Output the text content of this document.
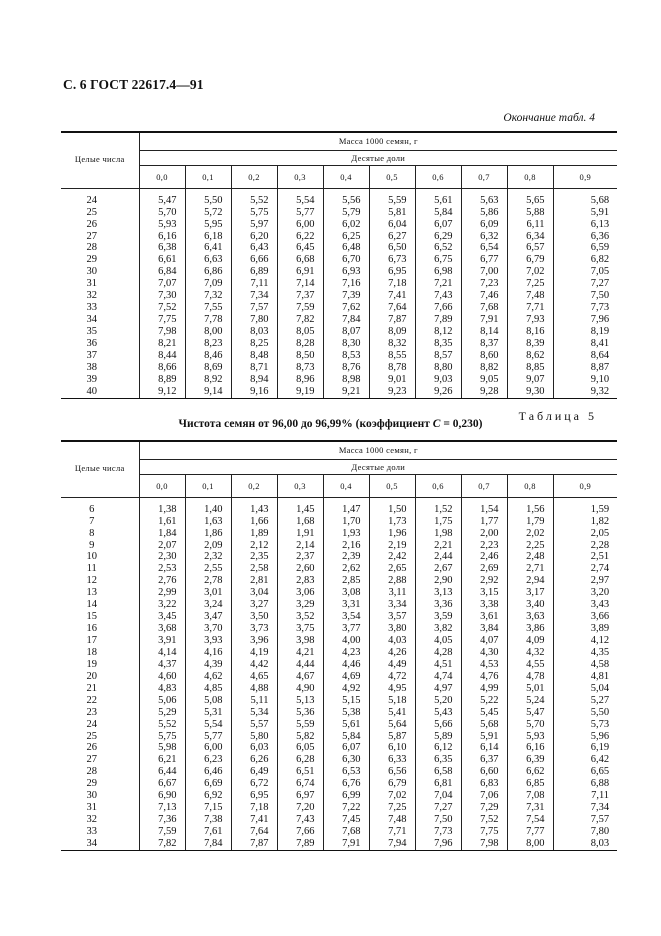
С. 6 ГОСТ 22617.4—91
Окончание табл. 4
Целые числа	Масса 1000 семян, г									
	Десятые доли									
	0,0	0,1	0,2	0,3	0,4	0,5	0,6	0,7	0,8	0,9
24	5,47	5,50	5,52	5,54	5,56	5,59	5,61	5,63	5,65	5,68
25	5,70	5,72	5,75	5,77	5,79	5,81	5,84	5,86	5,88	5,91
26	5,93	5,95	5,97	6,00	6,02	6,04	6,07	6,09	6,11	6,13
27	6,16	6,18	6,20	6,22	6,25	6,27	6,29	6,32	6,34	6,36
28	6,38	6,41	6,43	6,45	6,48	6,50	6,52	6,54	6,57	6,59
29	6,61	6,63	6,66	6,68	6,70	6,73	6,75	6,77	6,79	6,82
30	6,84	6,86	6,89	6,91	6,93	6,95	6,98	7,00	7,02	7,05
31	7,07	7,09	7,11	7,14	7,16	7,18	7,21	7,23	7,25	7,27
32	7,30	7,32	7,34	7,37	7,39	7,41	7,43	7,46	7,48	7,50
33	7,52	7,55	7,57	7,59	7,62	7,64	7,66	7,68	7,71	7,73
34	7,75	7,78	7,80	7,82	7,84	7,87	7,89	7,91	7,93	7,96
35	7,98	8,00	8,03	8,05	8,07	8,09	8,12	8,14	8,16	8,19
36	8,21	8,23	8,25	8,28	8,30	8,32	8,35	8,37	8,39	8,41
37	8,44	8,46	8,48	8,50	8,53	8,55	8,57	8,60	8,62	8,64
38	8,66	8,69	8,71	8,73	8,76	8,78	8,80	8,82	8,85	8,87
39	8,89	8,92	8,94	8,96	8,98	9,01	9,03	9,05	9,07	9,10
40	9,12	9,14	9,16	9,19	9,21	9,23	9,26	9,28	9,30	9,32
Таблица 5
Чистота семян от 96,00 до 96,99% (коэффициент C = 0,230)
Целые числа	Масса 1000 семян, г									
	Десятые доли									
	0,0	0,1	0,2	0,3	0,4	0,5	0,6	0,7	0,8	0,9
6	1,38	1,40	1,43	1,45	1,47	1,50	1,52	1,54	1,56	1,59
7	1,61	1,63	1,66	1,68	1,70	1,73	1,75	1,77	1,79	1,82
8	1,84	1,86	1,89	1,91	1,93	1,96	1,98	2,00	2,02	2,05
9	2,07	2,09	2,12	2,14	2,16	2,19	2,21	2,23	2,25	2,28
10	2,30	2,32	2,35	2,37	2,39	2,42	2,44	2,46	2,48	2,51
11	2,53	2,55	2,58	2,60	2,62	2,65	2,67	2,69	2,71	2,74
12	2,76	2,78	2,81	2,83	2,85	2,88	2,90	2,92	2,94	2,97
13	2,99	3,01	3,04	3,06	3,08	3,11	3,13	3,15	3,17	3,20
14	3,22	3,24	3,27	3,29	3,31	3,34	3,36	3,38	3,40	3,43
15	3,45	3,47	3,50	3,52	3,54	3,57	3,59	3,61	3,63	3,66
16	3,68	3,70	3,73	3,75	3,77	3,80	3,82	3,84	3,86	3,89
17	3,91	3,93	3,96	3,98	4,00	4,03	4,05	4,07	4,09	4,12
18	4,14	4,16	4,19	4,21	4,23	4,26	4,28	4,30	4,32	4,35
19	4,37	4,39	4,42	4,44	4,46	4,49	4,51	4,53	4,55	4,58
20	4,60	4,62	4,65	4,67	4,69	4,72	4,74	4,76	4,78	4,81
21	4,83	4,85	4,88	4,90	4,92	4,95	4,97	4,99	5,01	5,04
22	5,06	5,08	5,11	5,13	5,15	5,18	5,20	5,22	5,24	5,27
23	5,29	5,31	5,34	5,36	5,38	5,41	5,43	5,45	5,47	5,50
24	5,52	5,54	5,57	5,59	5,61	5,64	5,66	5,68	5,70	5,73
25	5,75	5,77	5,80	5,82	5,84	5,87	5,89	5,91	5,93	5,96
26	5,98	6,00	6,03	6,05	6,07	6,10	6,12	6,14	6,16	6,19
27	6,21	6,23	6,26	6,28	6,30	6,33	6,35	6,37	6,39	6,42
28	6,44	6,46	6,49	6,51	6,53	6,56	6,58	6,60	6,62	6,65
29	6,67	6,69	6,72	6,74	6,76	6,79	6,81	6,83	6,85	6,88
30	6,90	6,92	6,95	6,97	6,99	7,02	7,04	7,06	7,08	7,11
31	7,13	7,15	7,18	7,20	7,22	7,25	7,27	7,29	7,31	7,34
32	7,36	7,38	7,41	7,43	7,45	7,48	7,50	7,52	7,54	7,57
33	7,59	7,61	7,64	7,66	7,68	7,71	7,73	7,75	7,77	7,80
34	7,82	7,84	7,87	7,89	7,91	7,94	7,96	7,98	8,00	8,03
